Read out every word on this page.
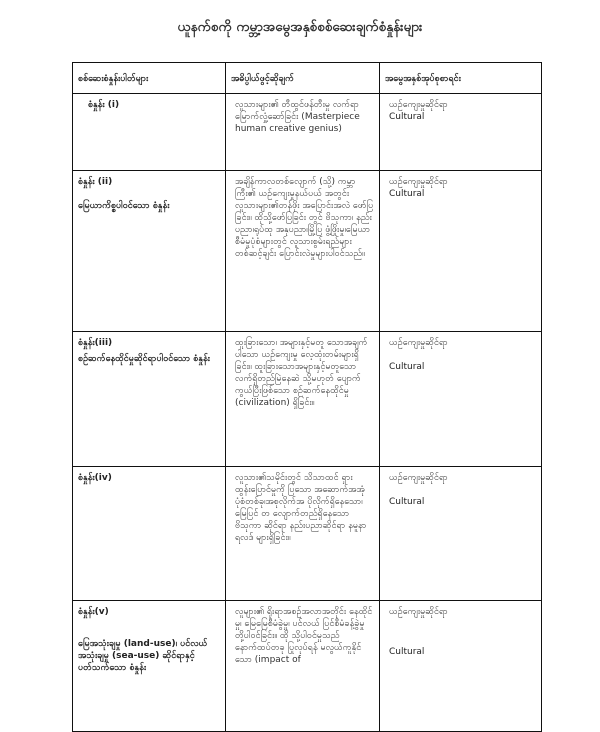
ယူနက်စကို ကမ္ဘာ့အမွေအနှစ်စစ်ဆေးချက်စံနှုန်းများ
စစ်ဆေးစံနှုန်းပါတ်များ	အဓိပ္ပါယ်ဖွင့်ဆိုချက်	အမွေအနှစ်အုပ်စုစာရင်း

စံနှုန်း (i)	လူသားများ၏ တီထွင်ဖန်တီးမှု လက်ရာမြောက်လှုံ့ဆော်ခြင်း (Masterpiece human creative genius)	ယဉ်ကျေးမှုဆိုင်ရာ
Cultural

စံနှုန်း (ii)
မြေယာကိစ္စပါဝင်သော စံနှုန်း	အချိန်ကာလတစ်လျောက် (သို့) ကမ္ဘာကြီး၏ ယဉ်ကျေးမှုနယ်ပယ် အတွင်း လူသားများ၏တန်ဖိုး အပြောင်းအလဲ ဖော်ပြခြင်း။ ထိုသို့ဖော်ပြခြင်း တွင် ဗိသုကာ၊ နည်းပညာ၊ရုပ်ထု အနုပညာ၊မြို့ပြ ဖွံ့ဖြိုးမှု၊မြေယာစီမံမှုပုံစံများတွင် လူသားစွမ်းရည်များ တစ်ဆင့်ချင်း ပြောင်းလဲမှုများပါဝင်သည်။	ယဉ်ကျေးမှုဆိုင်ရာ
Cultural

စံနှုန်း(iii)
စဉ်ဆက်နေထိုင်မှုဆိုင်ရာပါဝင်သော စံနှုန်း	ထူးခြားသော၊ အများနှင့်မတူ သောအချက်ပါသော ယဉ်ကျေးမှု လေ့ထုံးတမ်းများရှိခြင်း။ ထူးခြားသောအများနှင့်မတူသော လက်ရှိတည်မြဲနေဆဲ သို့မဟုတ် ပျောက် ကွယ်ပြီးဖြစ်သော စဉ်ဆက်နေထိုင်မှု (civilization) ရှိခြင်း။	ယဉ်ကျေးမှုဆိုင်ရာ
Cultural

စံနှုန်း(iv)	လူသား၏သမိုင်းတွင် သိသာထင် ရှားထွန်းပြောင်မှုကို ပြသော အဆောက်အအုံပုံစံတစ်ခု၊အစုလိုက်အ ပိုလိုက်ရှိနေသော၊ မြေပြင် တ လျောက်တည်ရှိနေသော ဗိသုကာ ဆိုင်ရာ နည်းပညာဆိုင်ရာ နမူနာ ရလဒ် များရှိခြင်း။	ယဉ်ကျေးမှုဆိုင်ရာ
Cultural

စံနှုန်း(v)
မြေအသုံးချမှု (land-use)၊ ပင်လယ်အသုံးချမှု (sea-use) ဆိုင်ရာနှင့် ပတ်သက်သော စံနှုန်း	လူများ၏ ရိုးရာအစဉ်အလာအတိုင်း နေထိုင်မှု၊ မြေမြေစီမံခွဲမှု၊ ပင်လယ် ပြင်စီမံခန့်ခွဲမှု တို့ပါဝင်ခြင်း။ ထို သို့ပါဝင်မှုသည် နောက်ထပ်တခု ပြုလုပ်ရန် မလွယ်ကူနိုင်သော (impact of	ယဉ်ကျေးမှုဆိုင်ရာ
Cultural
